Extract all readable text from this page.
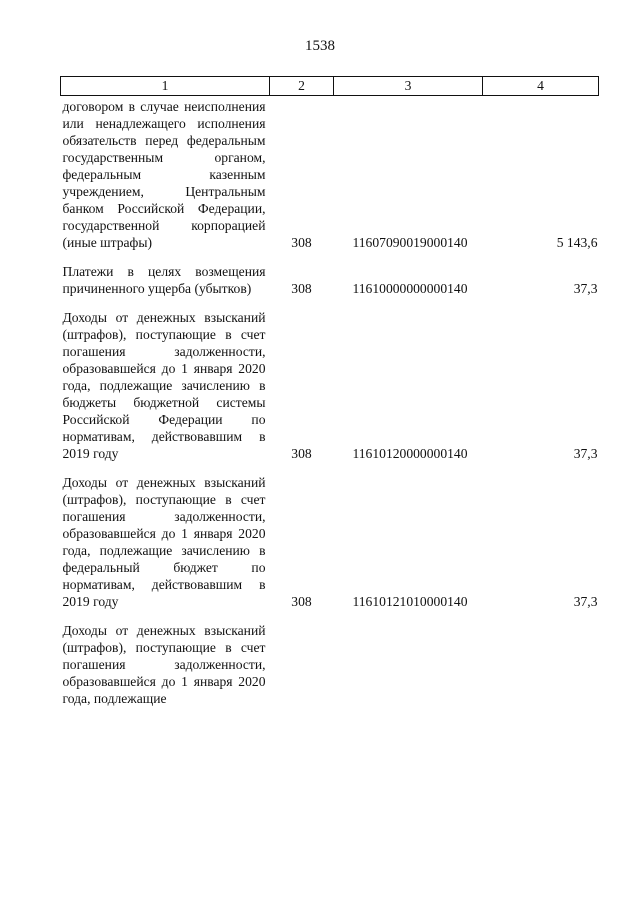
1538
1	2	3	4
договором в случае неисполнения или ненадлежащего исполнения обязательств перед федеральным государственным органом, федеральным казенным учреждением, Центральным банком Российской Федерации, государственной корпорацией (иные штрафы)	308	11607090019000140	5 143,6

Платежи в целях возмещения причиненного ущерба (убытков)	308	11610000000000140	37,3

Доходы от денежных взысканий (штрафов), поступающие в счет погашения задолженности, образовавшейся до 1 января 2020 года, подлежащие зачислению в бюджеты бюджетной системы Российской Федерации по нормативам, действовавшим в 2019 году	308	11610120000000140	37,3

Доходы от денежных взысканий (штрафов), поступающие в счет погашения задолженности, образовавшейся до 1 января 2020 года, подлежащие зачислению в федеральный бюджет по нормативам, действовавшим в 2019 году	308	11610121010000140	37,3

Доходы от денежных взысканий (штрафов), поступающие в счет погашения задолженности, образовавшейся до 1 января 2020 года, подлежащие			
